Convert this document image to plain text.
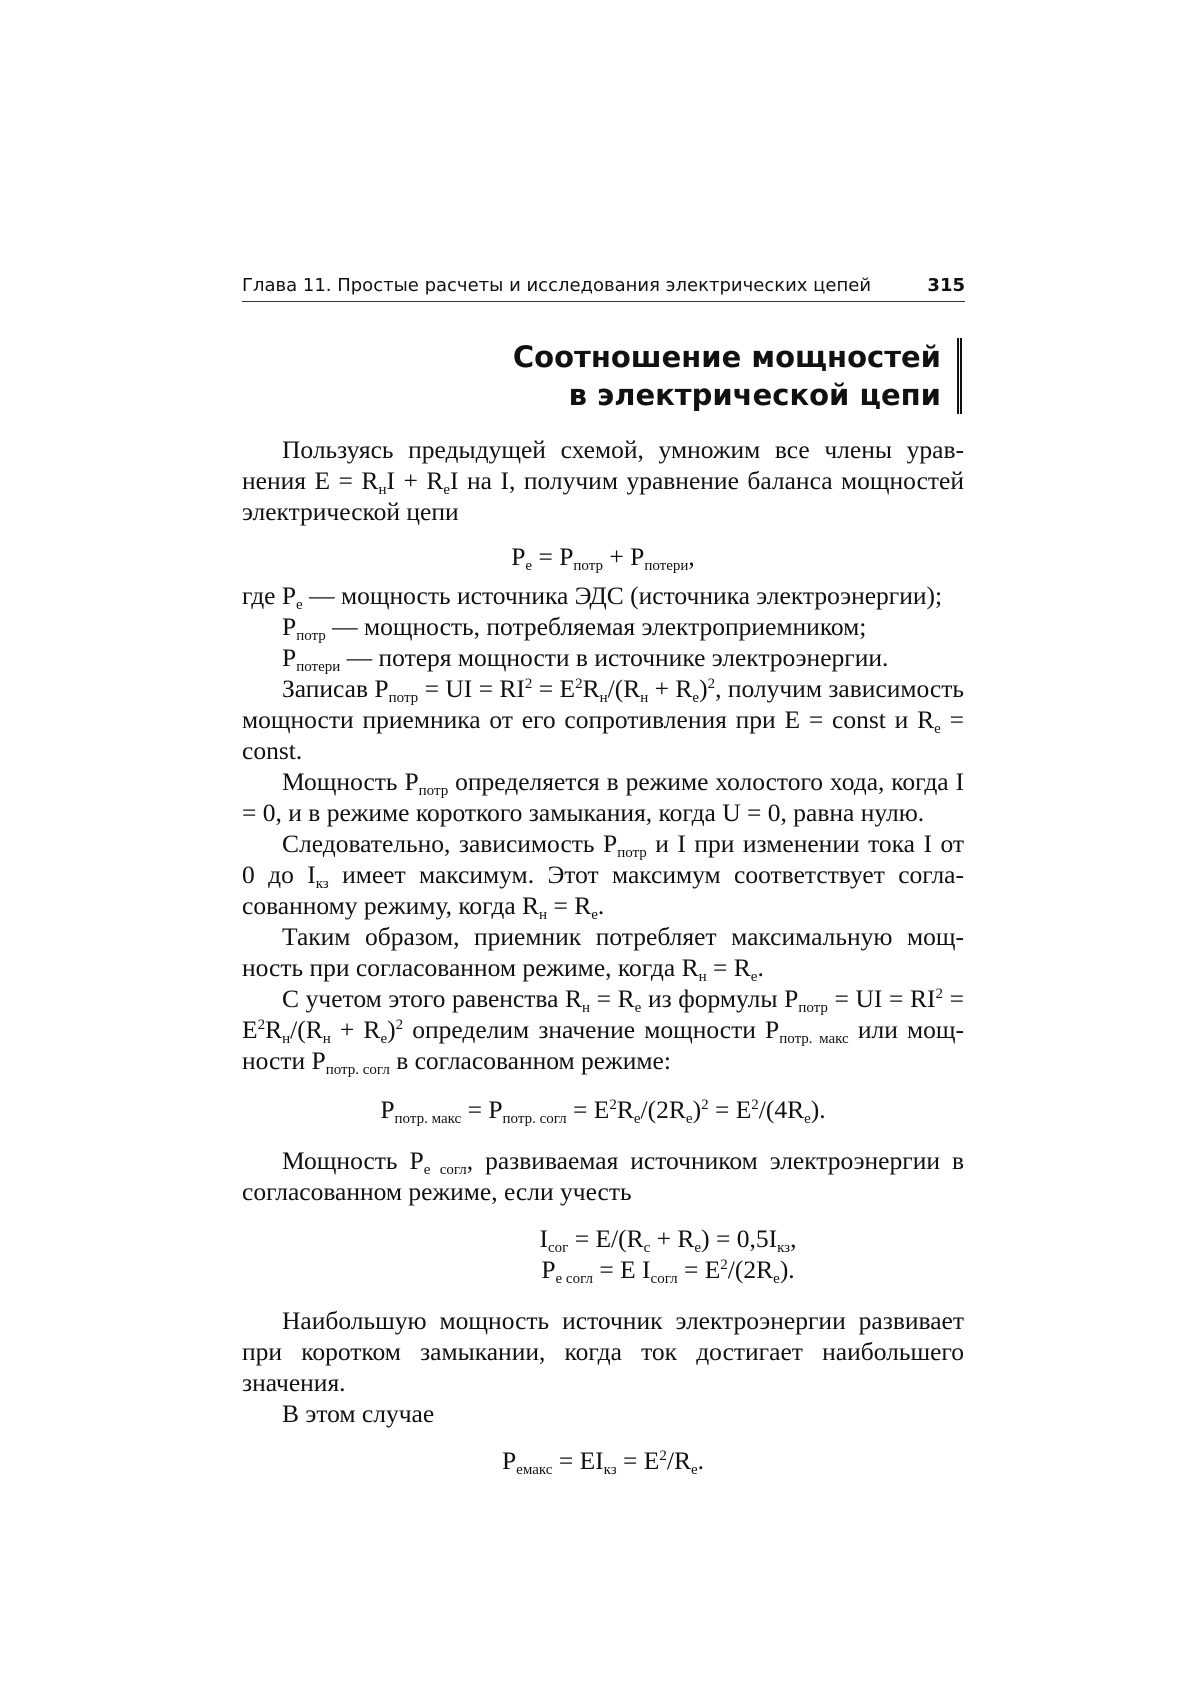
Глава 11. Простые расчеты и исследования электрических цепей	315
Соотношение мощностей
в электрической цепи

Пользуясь предыдущей схемой, умножим все члены уравнения $E = R_нI + R_eI$ на I, получим уравнение баланса мощностей электрической цепи

$P_e = P_{потр} + P_{потери}$,

где $P_e$ — мощность источника ЭДС (источника электроэнергии);

$P_{потр}$ — мощность, потребляемая электроприемником;

$P_{потери}$ — потеря мощности в источнике электроэнергии.

Записав $P_{потр}$ = UI = $RI^2 = E^2R_н/(R_н + R_e)^2$, получим зависимость мощности приемника от его сопротивления при E = const и $R_e$ = const.

Мощность $P_{потр}$ определяется в режиме холостого хода, когда I = 0, и в режиме короткого замыкания, когда U = 0, равна нулю.

Следовательно, зависимость $P_{потр}$ и I при изменении тока I от 0 до $I_{кз}$ имеет максимум. Этот максимум соответствует согласованному режиму, когда $R_н = R_e$.

Таким образом, приемник потребляет максимальную мощность при согласованном режиме, когда $R_н = R_e$.

С учетом этого равенства $R_н = R_e$ из формулы $P_{потр}$ = UI = $RI^2 = E^2R_н/(R_н + R_e)^2$ определим значение мощности $P_{потр. макс}$ или мощности $P_{потр. согл}$ в согласованном режиме:

$P_{потр. макс} = P_{потр. согл} = E^2R_e/(2R_e)^2 = E^2/(4R_e)$.

Мощность $P_{e согл}$, развиваемая источником электроэнергии в согласованном режиме, если учесть

$I_{сог} = E/(R_c + R_e) = 0,5I_{кз}$,

$P_{e согл} = E$ $I_{согл} = E^2/(2R_e)$.

Наибольшую мощность источник электроэнергии развивает при коротком замыкании, когда ток достигает наибольшего значения.

В этом случае

$P_{eмакс} = EI_{кз} = E^2/R_e$.
